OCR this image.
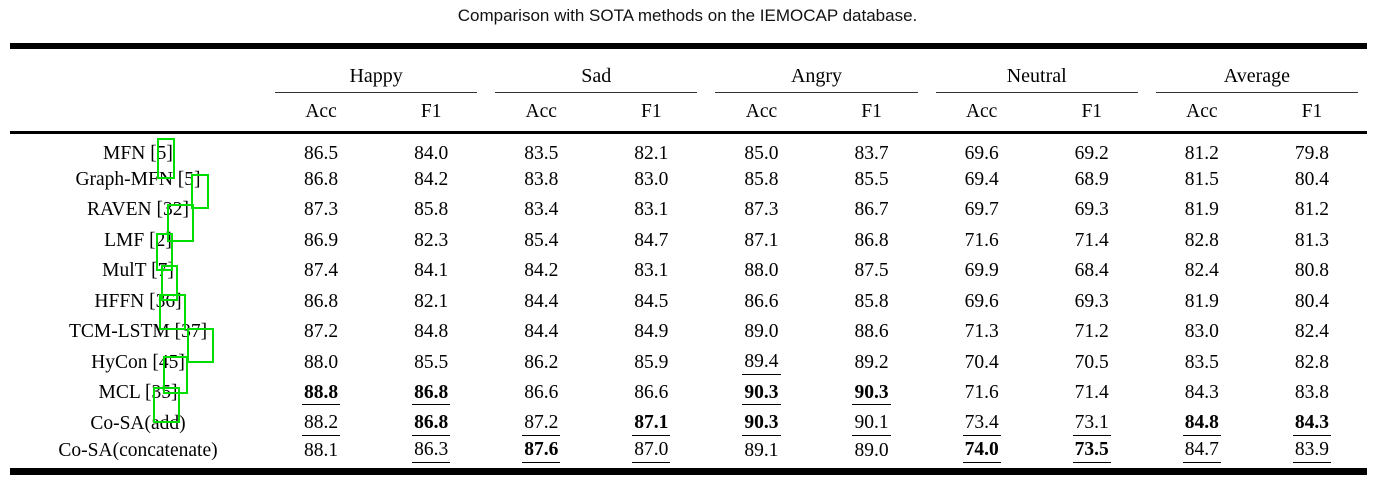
Comparison with SOTA methods on the IEMOCAP database.

	Happy		Sad		Angry		Neutral		Average	

	Acc	F1	Acc	F1	Acc	F1	Acc	F1	Acc	F1
MFN [5]	86.5	84.0	83.5	82.1	85.0	83.7	69.6	69.2	81.2	79.8
Graph-MFN [5]	86.8	84.2	83.8	83.0	85.8	85.5	69.4	68.9	81.5	80.4
RAVEN [32]	87.3	85.8	83.4	83.1	87.3	86.7	69.7	69.3	81.9	81.2
LMF [2]	86.9	82.3	85.4	84.7	87.1	86.8	71.6	71.4	82.8	81.3
MulT [7]	87.4	84.1	84.2	83.1	88.0	87.5	69.9	68.4	82.4	80.8
HFFN [36]	86.8	82.1	84.4	84.5	86.6	85.8	69.6	69.3	81.9	80.4
TCM-LSTM [37]	87.2	84.8	84.4	84.9	89.0	88.6	71.3	71.2	83.0	82.4
HyCon [45]	88.0	85.5	86.2	85.9	89.4	89.2	70.4	70.5	83.5	82.8
MCL [35]	88.8	86.8	86.6	86.6	90.3	90.3	71.6	71.4	84.3	83.8
Co-SA(add)	88.2	86.8	87.2	87.1	90.3	90.1	73.4	73.1	84.8	84.3
Co-SA(concatenate)	88.1	86.3	87.6	87.0	89.1	89.0	74.0	73.5	84.7	83.9
